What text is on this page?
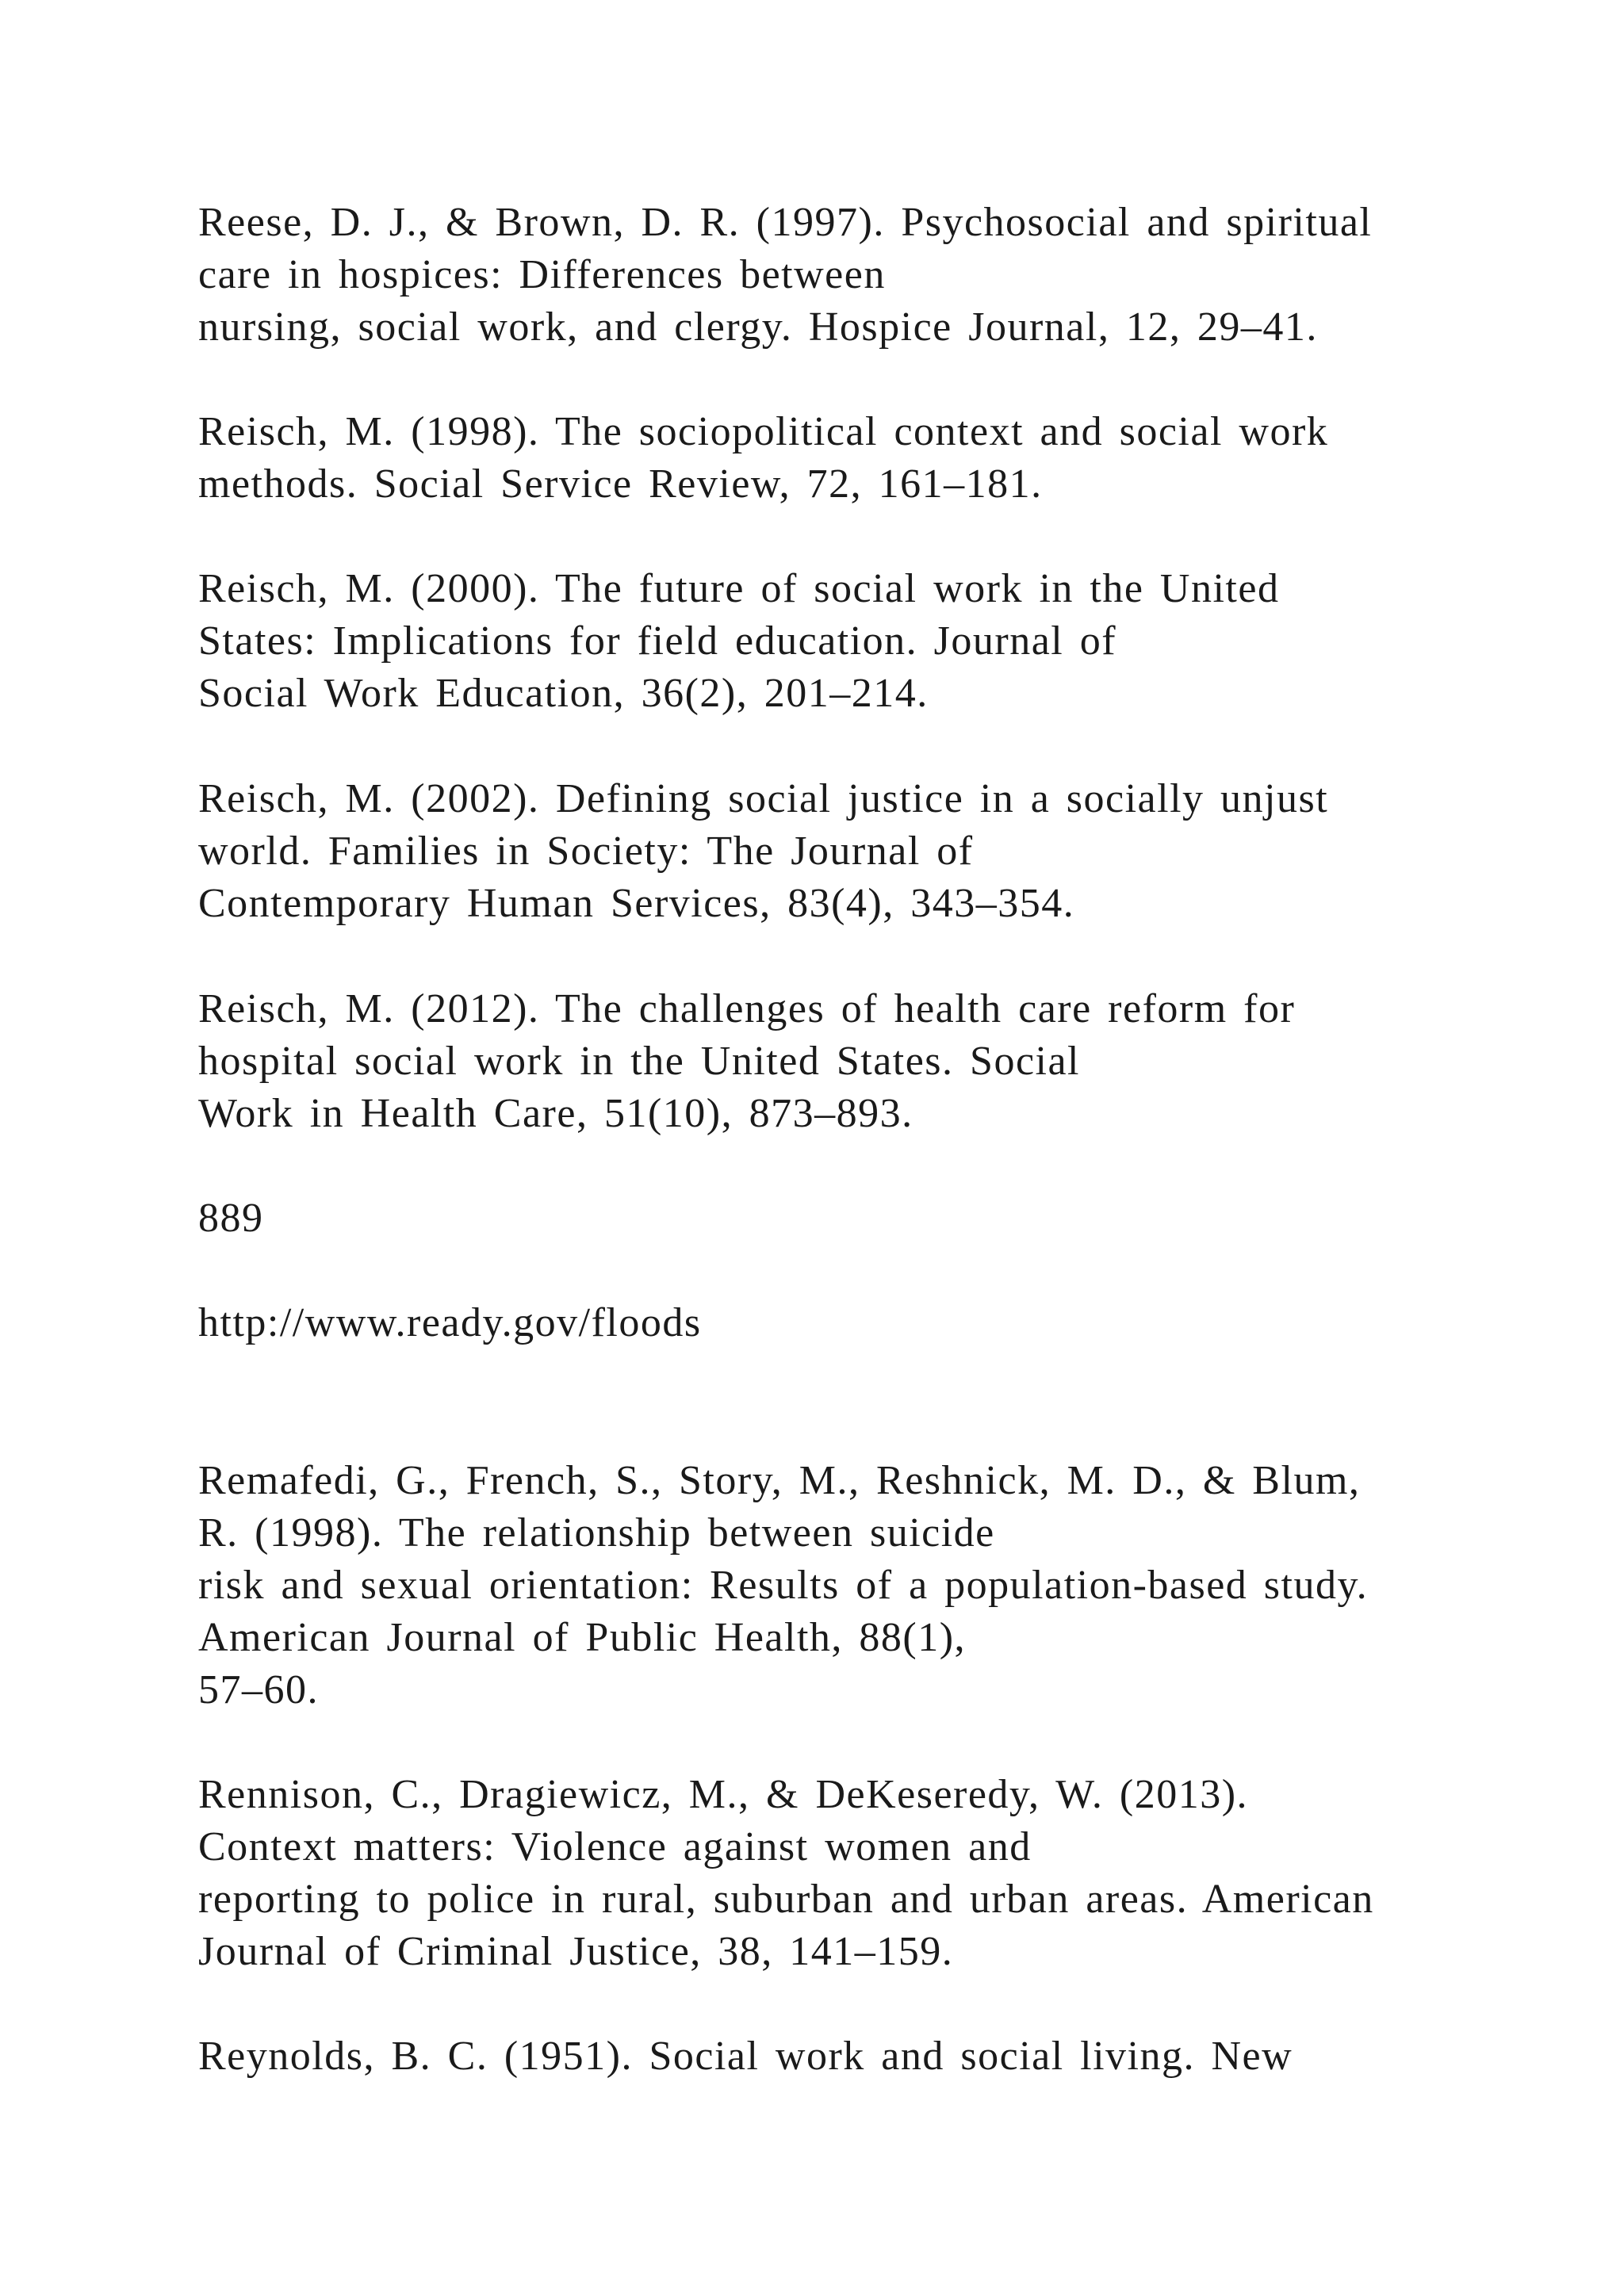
Reese, D. J., & Brown, D. R. (1997). Psychosocial and spiritual
care in hospices: Differences between
nursing, social work, and clergy. Hospice Journal, 12, 29–41.
Reisch, M. (1998). The sociopolitical context and social work
methods. Social Service Review, 72, 161–181.
Reisch, M. (2000). The future of social work in the United
States: Implications for field education. Journal of
Social Work Education, 36(2), 201–214.
Reisch, M. (2002). Defining social justice in a socially unjust
world. Families in Society: The Journal of
Contemporary Human Services, 83(4), 343–354.
Reisch, M. (2012). The challenges of health care reform for
hospital social work in the United States. Social
Work in Health Care, 51(10), 873–893.
889
http://www.ready.gov/floods
Remafedi, G., French, S., Story, M., Reshnick, M. D., & Blum,
R. (1998). The relationship between suicide
risk and sexual orientation: Results of a population-based study.
American Journal of Public Health, 88(1),
57–60.
Rennison, C., Dragiewicz, M., & DeKeseredy, W. (2013).
Context matters: Violence against women and
reporting to police in rural, suburban and urban areas. American
Journal of Criminal Justice, 38, 141–159.
Reynolds, B. C. (1951). Social work and social living. New
